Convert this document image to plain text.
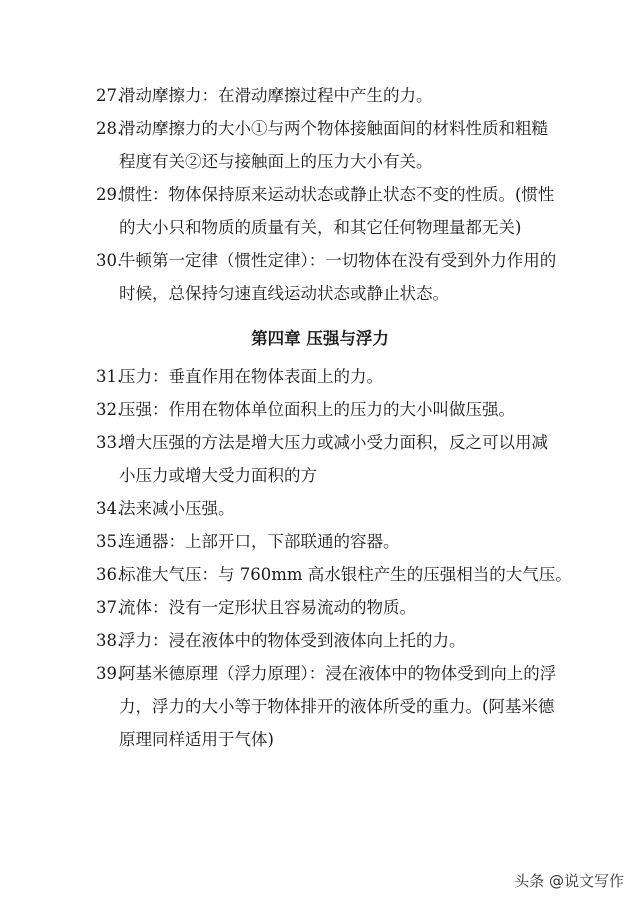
27.
滑动摩擦力：在滑动摩擦过程中产生的力。
28.
滑动摩擦力的大小①与两个物体接触面间的材料性质和粗糙
程度有关②还与接触面上的压力大小有关。
29.
惯性：物体保持原来运动状态或静止状态不变的性质。(惯性
的大小只和物质的质量有关，和其它任何物理量都无关)
30.
牛顿第一定律（惯性定律）：一切物体在没有受到外力作用的
时候，总保持匀速直线运动状态或静止状态。
第四章 压强与浮力
31.
压力：垂直作用在物体表面上的力。
32.
压强：作用在物体单位面积上的压力的大小叫做压强。
33.
增大压强的方法是增大压力或减小受力面积，反之可以用减
小压力或增大受力面积的方
34.
法来减小压强。
35.
连通器：上部开口，下部联通的容器。
36.
标准大气压：与 760mm 高水银柱产生的压强相当的大气压。
37.
流体：没有一定形状且容易流动的物质。
38.
浮力：浸在液体中的物体受到液体向上托的力。
39.
阿基米德原理（浮力原理）：浸在液体中的物体受到向上的浮
力，浮力的大小等于物体排开的液体所受的重力。(阿基米德
原理同样适用于气体)
头条 @说文写作
